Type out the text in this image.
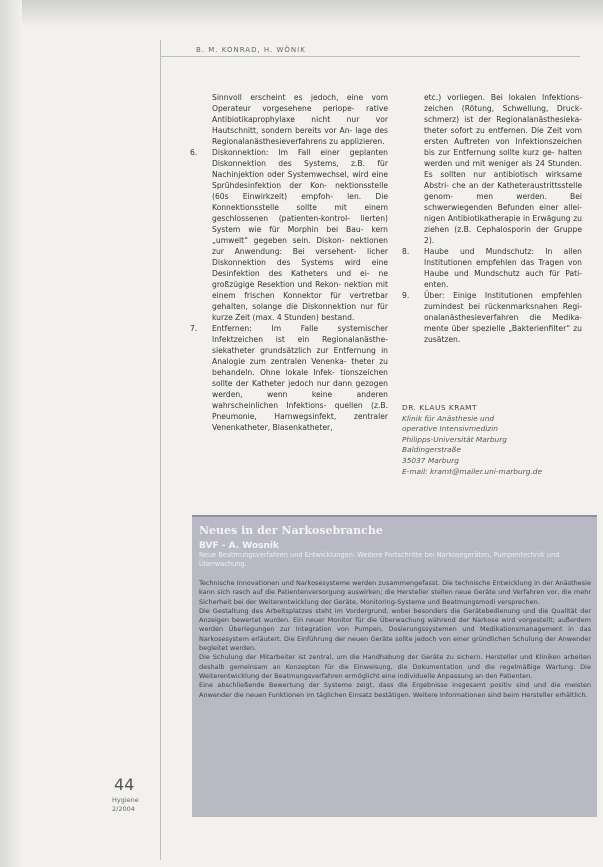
B. M. KONRAD, H. WÖNIK

Sinnvoll erscheint es jedoch, eine vom Operateur vorgesehene periope- rative Antibiotikaprophylaxe nicht nur vor Hautschnitt, sondern bereits vor An- lage des Regionalanästhesieverfahrens zu applizieren.

6.	Diskonnektion: Im Fall einer geplanten Diskonnektion des Systems, z.B. für Nachinjektion oder Systemwechsel, wird eine Sprühdesinfektion der Kon- nektionsstelle (60s Einwirkzeit) empfoh- len. Die Konnektionsstelle sollte mit einem geschlossenen (patienten-kontrol- lierten) System wie für Morphin bei Bau- kern „umwelt“ gegeben sein. Diskon- nektionen zur Anwendung: Bei versehent- licher Diskonnektion des Systems wird eine Desinfektion des Katheters und ei- ne großzügige Resektion und Rekon- nektion mit einem frischen Konnektor für vertretbar gehalten, solange die Diskonnektion nur für kurze Zeit (max. 4 Stunden) bestand.
7.	Entfernen: Im Falle systemischer Infektzeichen ist ein Regionalanästhe- siekatheter grundsätzlich zur Entfernung in Analogie zum zentralen Venenka- theter zu behandeln. Ohne lokale Infek- tionszeichen sollte der Katheter jedoch nur dann gezogen werden, wenn keine anderen wahrscheinlichen Infektions- quellen (z.B. Pneumonie, Harnwegsinfekt, zentraler Venenkatheter, Blasenkatheter,

etc.) vorliegen. Bei lokalen Infektions- zeichen (Rötung, Schwellung, Druck- schmerz) ist der Regionalanästhesieka- theter sofort zu entfernen. Die Zeit vom ersten Auftreten von Infektionszeichen bis zur Entfernung sollte kurz ge- halten werden und mit weniger als 24 Stunden. Es sollten nur antibiotisch wirksame Abstri- che an der Katheteraustrittsstelle genom- men werden. Bei schwerwiegenden Befunden einer allei- nigen Antibiotikatherapie in Erwägung zu ziehen (z.B. Cephalosporin der Gruppe 2).

8.	Haube und Mundschutz: In allen Institutionen empfehlen das Tragen von Haube und Mundschutz auch für Pati- enten.
9.	Über: Einige Institutionen empfehlen zumindest bei rückenmarksnahen Regi- onalanästhesieverfahren die Medika- mente über spezielle „Bakterienfilter“ zu zusätzen.
DR. KLAUS KRAMT
Klinik für Anästhesie und
operative Intensivmedizin
Philipps-Universität Marburg
Baldingerstraße
35037 Marburg
E-mail: kramt@mailer.uni-marburg.de
Neues in der Narkosebranche
BVF - A. Wosnik
Neue Beatmungsverfahren und Entwicklungen: Weitere Fortschritte bei Narkosegeräten, Pumpentechnik und Überwachung.

Technische Innovationen und Narkosesysteme werden zusammengefasst. Die technische Entwicklung in der Anästhesie kann sich rasch auf die Patientenversorgung auswirken; die Hersteller stellen neue Geräte und Verfahren vor, die mehr Sicherheit bei der Weiterentwicklung der Geräte, Monitoring-Systeme und Beatmungsmodi versprechen.

Die Gestaltung des Arbeitsplatzes steht im Vordergrund, wobei besonders die Gerätebedienung und die Qualität der Anzeigen bewertet wurden. Ein neuer Monitor für die Überwachung während der Narkose wird vorgestellt; außerdem werden Überlegungen zur Integration von Pumpen, Dosierungssystemen und Medikationsmanagement in das Narkosesystem erläutert. Die Einführung der neuen Geräte sollte jedoch von einer gründlichen Schulung der Anwender begleitet werden.

Die Schulung der Mitarbeiter ist zentral, um die Handhabung der Geräte zu sichern. Hersteller und Kliniken arbeiten deshalb gemeinsam an Konzepten für die Einweisung, die Dokumentation und die regelmäßige Wartung. Die Weiterentwicklung der Beatmungsverfahren ermöglicht eine individuelle Anpassung an den Patienten.

Eine abschließende Bewertung der Systeme zeigt, dass die Ergebnisse insgesamt positiv sind und die meisten Anwender die neuen Funktionen im täglichen Einsatz bestätigen. Weitere Informationen sind beim Hersteller erhältlich.

44
Hygiene
2/2004
